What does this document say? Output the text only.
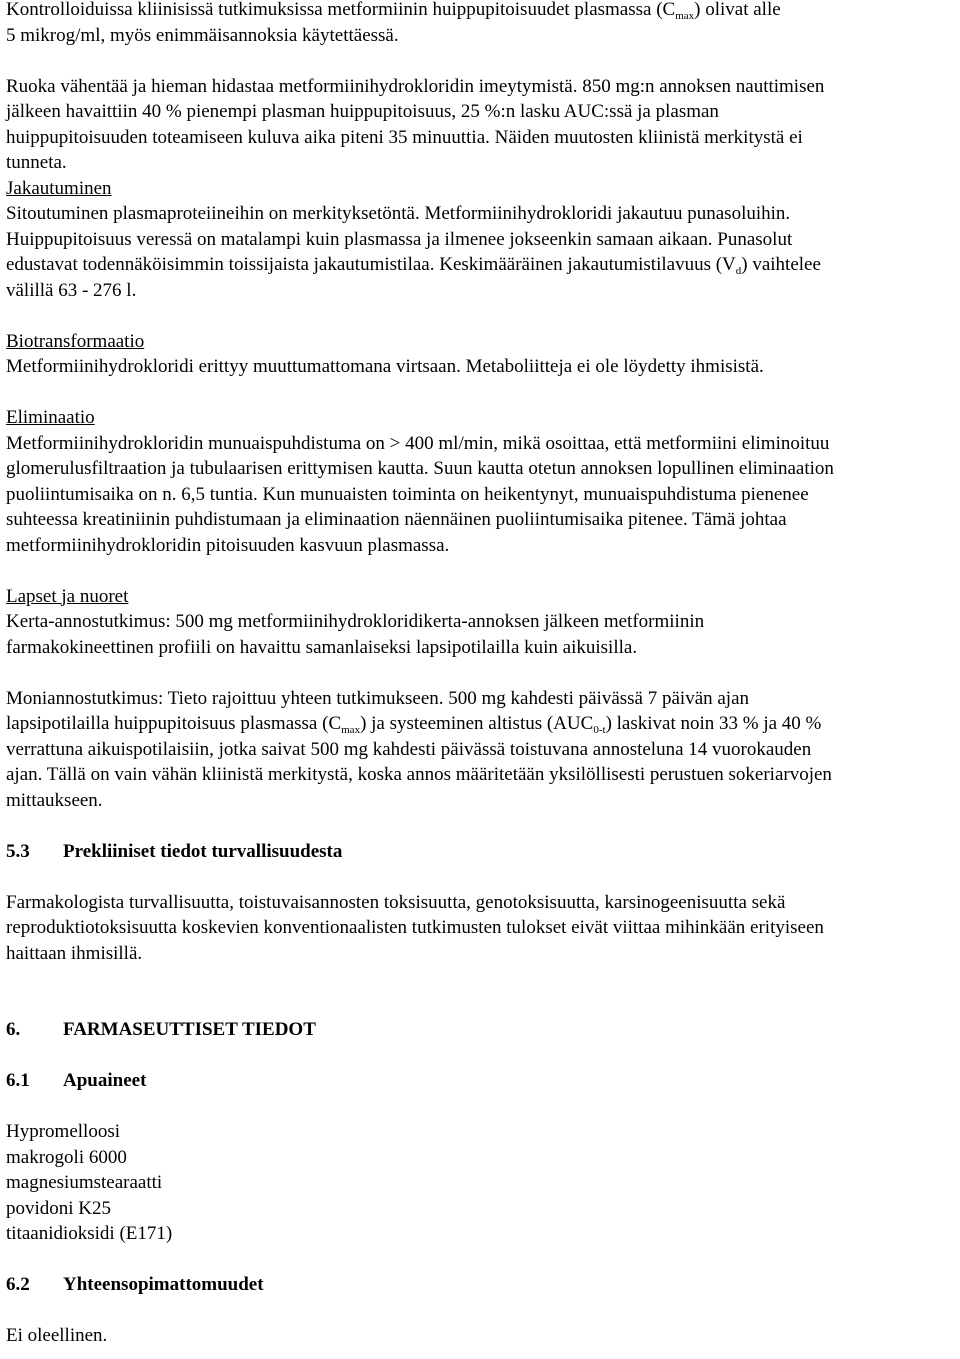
Kontrolloiduissa kliinisissä tutkimuksissa metformiinin huippupitoisuudet plasmassa $(C_{max})$ olivat alle
5 mikrog/ml, myös enimmäisannoksia käytettäessä.
Ruoka vähentää ja hieman hidastaa metformiinihydrokloridin imeytymistä. 850 mg:n annoksen nauttimisen
jälkeen havaittiin 40 % pienempi plasman huippupitoisuus, 25 %:n lasku AUC:ssä ja plasman
huippupitoisuuden toteamiseen kuluva aika piteni 35 minuuttia. Näiden muutosten kliinistä merkitystä ei
tunneta.
Jakautuminen
Sitoutuminen plasmaproteiineihin on merkityksetöntä. Metformiinihydrokloridi jakautuu punasoluihin.
Huippupitoisuus veressä on matalampi kuin plasmassa ja ilmenee jokseenkin samaan aikaan. Punasolut
edustavat todennäköisimmin toissijaista jakautumistilaa. Keskimääräinen jakautumistilavuus $(V_d)$ vaihtelee
välillä 63 - 276 l.
Biotransformaatio
Metformiinihydrokloridi erittyy muuttumattomana virtsaan. Metaboliitteja ei ole löydetty ihmisistä.
Eliminaatio
Metformiinihydrokloridin munuaispuhdistuma on > 400 ml/min, mikä osoittaa, että metformiini eliminoituu
glomerulusfiltraation ja tubulaarisen erittymisen kautta. Suun kautta otetun annoksen lopullinen eliminaation
puoliintumisaika on n. 6,5 tuntia. Kun munuaisten toiminta on heikentynyt, munuaispuhdistuma pienenee
suhteessa kreatiniinin puhdistumaan ja eliminaation näennäinen puoliintumisaika pitenee. Tämä johtaa
metformiinihydrokloridin pitoisuuden kasvuun plasmassa.
Lapset ja nuoret
Kerta-annostutkimus: 500 mg metformiinihydrokloridikerta-annoksen jälkeen metformiinin
farmakokineettinen profiili on havaittu samanlaiseksi lapsipotilailla kuin aikuisilla.
Moniannostutkimus: Tieto rajoittuu yhteen tutkimukseen. 500 mg kahdesti päivässä 7 päivän ajan
lapsipotilailla huippupitoisuus plasmassa $(C_{max})$ ja systeeminen altistus $(AUC_{0-t})$ laskivat noin 33 % ja 40 %
verrattuna aikuispotilaisiin, jotka saivat 500 mg kahdesti päivässä toistuvana annosteluna 14 vuorokauden
ajan. Tällä on vain vähän kliinistä merkitystä, koska annos määritetään yksilöllisesti perustuen sokeriarvojen
mittaukseen.
5.3 Prekliiniset tiedot turvallisuudesta
Farmakologista turvallisuutta, toistuvaisannosten toksisuutta, genotoksisuutta, karsinogeenisuutta sekä
reproduktiotoksisuutta koskevien konventionaalisten tutkimusten tulokset eivät viittaa mihinkään erityiseen
haittaan ihmisillä.
6. FARMASEUTTISET TIEDOT
6.1 Apuaineet
Hypromelloosi
makrogoli 6000
magnesiumstearaatti
povidoni K25
titaanidioksidi (E171)
6.2 Yhteensopimattomuudet
Ei oleellinen.
